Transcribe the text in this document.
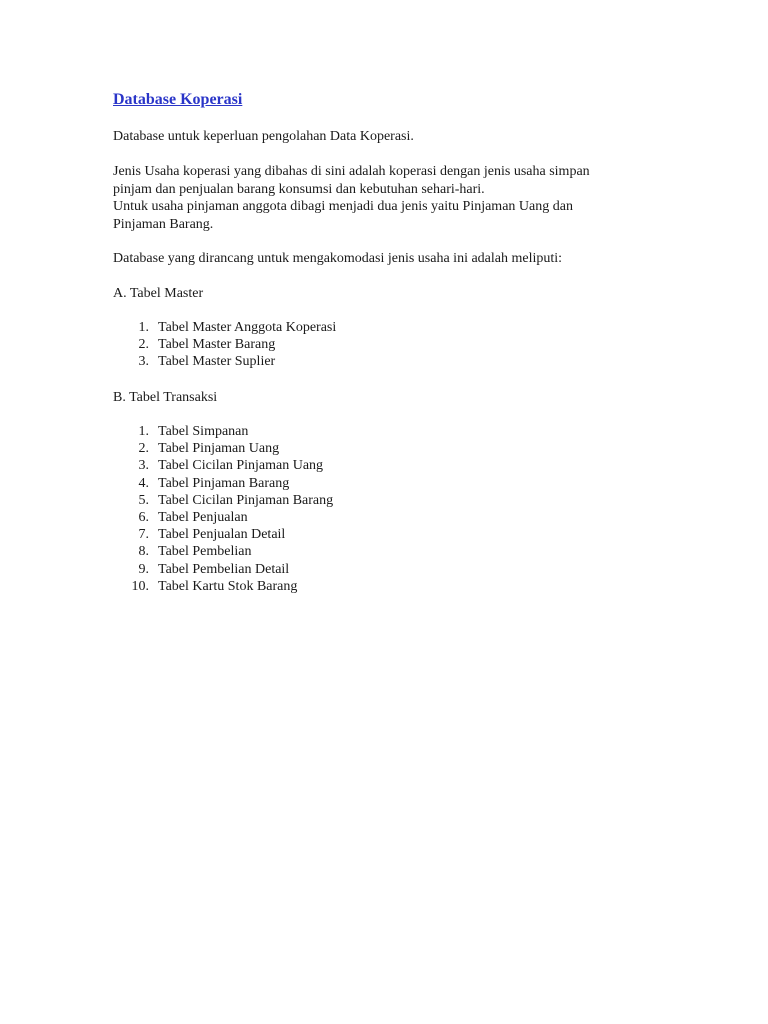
Database Koperasi

Database untuk keperluan pengolahan Data Koperasi.

Jenis Usaha koperasi yang dibahas di sini adalah koperasi dengan jenis usaha simpan

pinjam dan penjualan barang konsumsi dan kebutuhan sehari-hari.

Untuk usaha pinjaman anggota dibagi menjadi dua jenis yaitu Pinjaman Uang dan

Pinjaman Barang.

Database yang dirancang untuk mengakomodasi jenis usaha ini adalah meliputi:

A. Tabel Master

1. Tabel Master Anggota Koperasi
2. Tabel Master Barang
3. Tabel Master Suplier

B. Tabel Transaksi

1. Tabel Simpanan
2. Tabel Pinjaman Uang
3. Tabel Cicilan Pinjaman Uang
4. Tabel Pinjaman Barang
5. Tabel Cicilan Pinjaman Barang
6. Tabel Penjualan
7. Tabel Penjualan Detail
8. Tabel Pembelian
9. Tabel Pembelian Detail
10. Tabel Kartu Stok Barang
